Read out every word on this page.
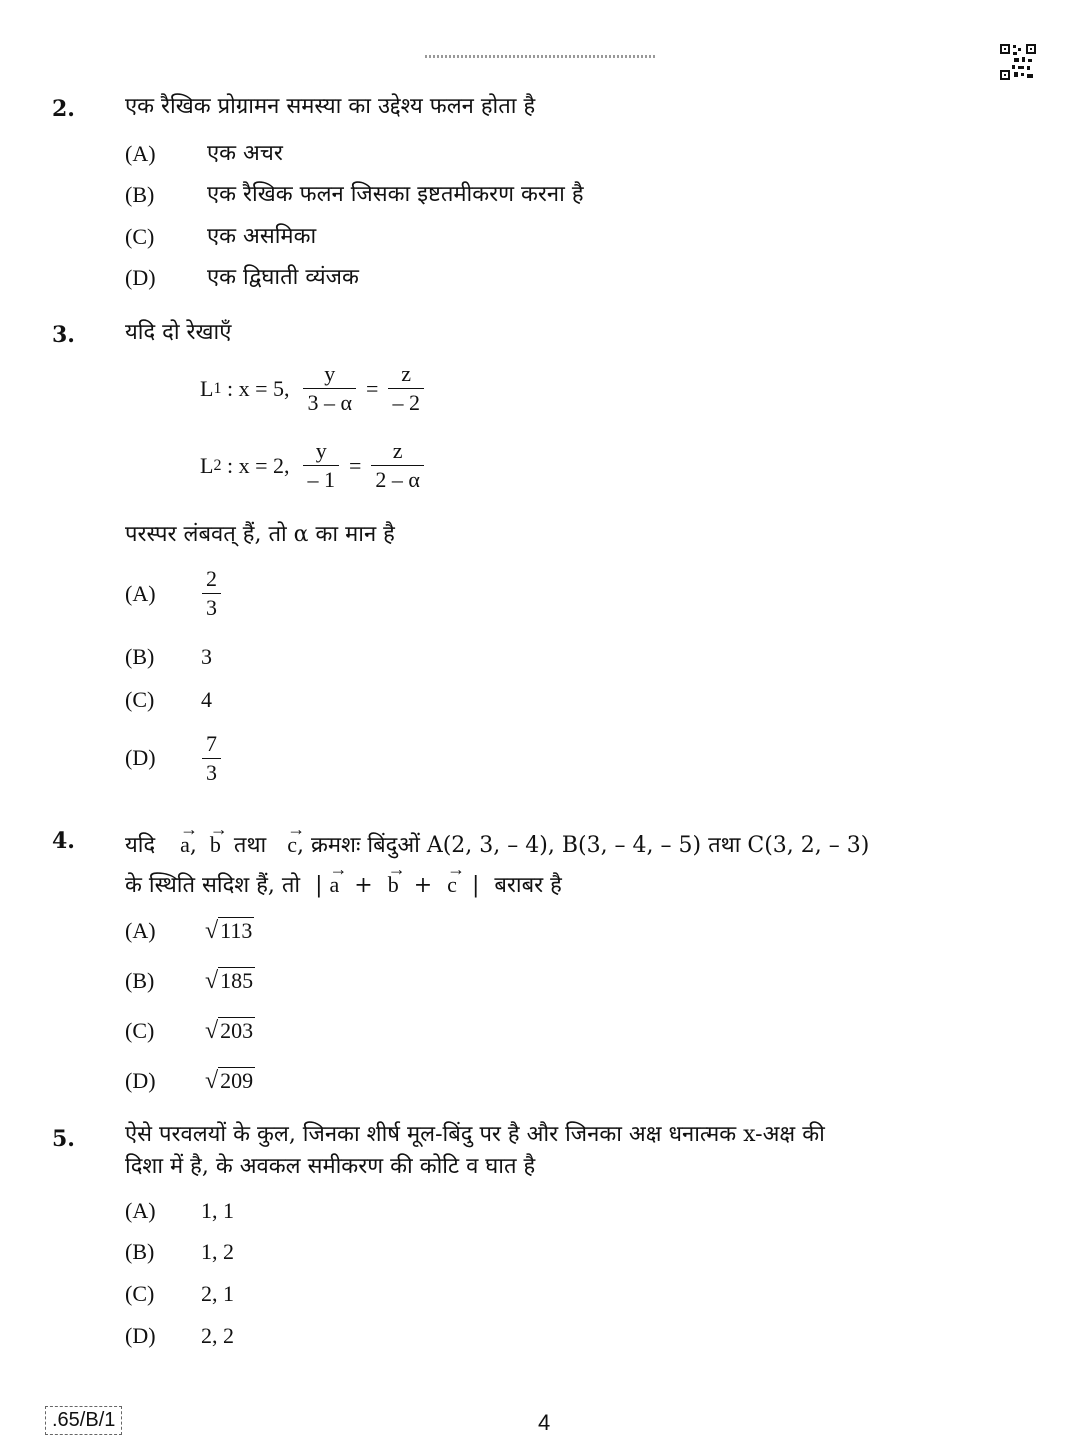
2. एक रैखिक प्रोग्रामन समस्या का उद्देश्य फलन होता है
(A)	एक अचर
(B)	एक रैखिक फलन जिसका इष्टतमीकरण करना है
(C)	एक असमिका
(D)	एक द्विघाती व्यंजक
3. यदि दो रेखाएँ
L 1 : x = 5, $\frac{y}{3 - \alpha} = \frac{z}{- 2}$
L 2 : x = 2, $\frac{y}{- 1} = \frac{z}{2 - \alpha}$
परस्पर लंबवत् हैं, तो α का मान है
(A)	$\frac{2}{3}$
(B)	3
(C)	4
(D)	$\frac{7}{3}$
4. यदि
→
a,
→
b तथा
→
c, क्रमशः बिंदुओं A(2, 3, – 4), B(3, – 4, – 5) तथा C(3, 2, – 3)
के स्थिति सदिश हैं, तो |
→
a +
→
b +
→
c | बराबर है
(A)	√113
(B)	√185
(C)	√203
(D)	√209
5. ऐसे परवलयों के कुल, जिनका शीर्ष मूल-बिंदु पर है और जिनका अक्ष धनात्मक x-अक्ष की
दिशा में है, के अवकल समीकरण की कोटि व घात है
(A)	1, 1
(B)	1, 2
(C)	2, 1
(D)	2, 2
.65/B/1	4
